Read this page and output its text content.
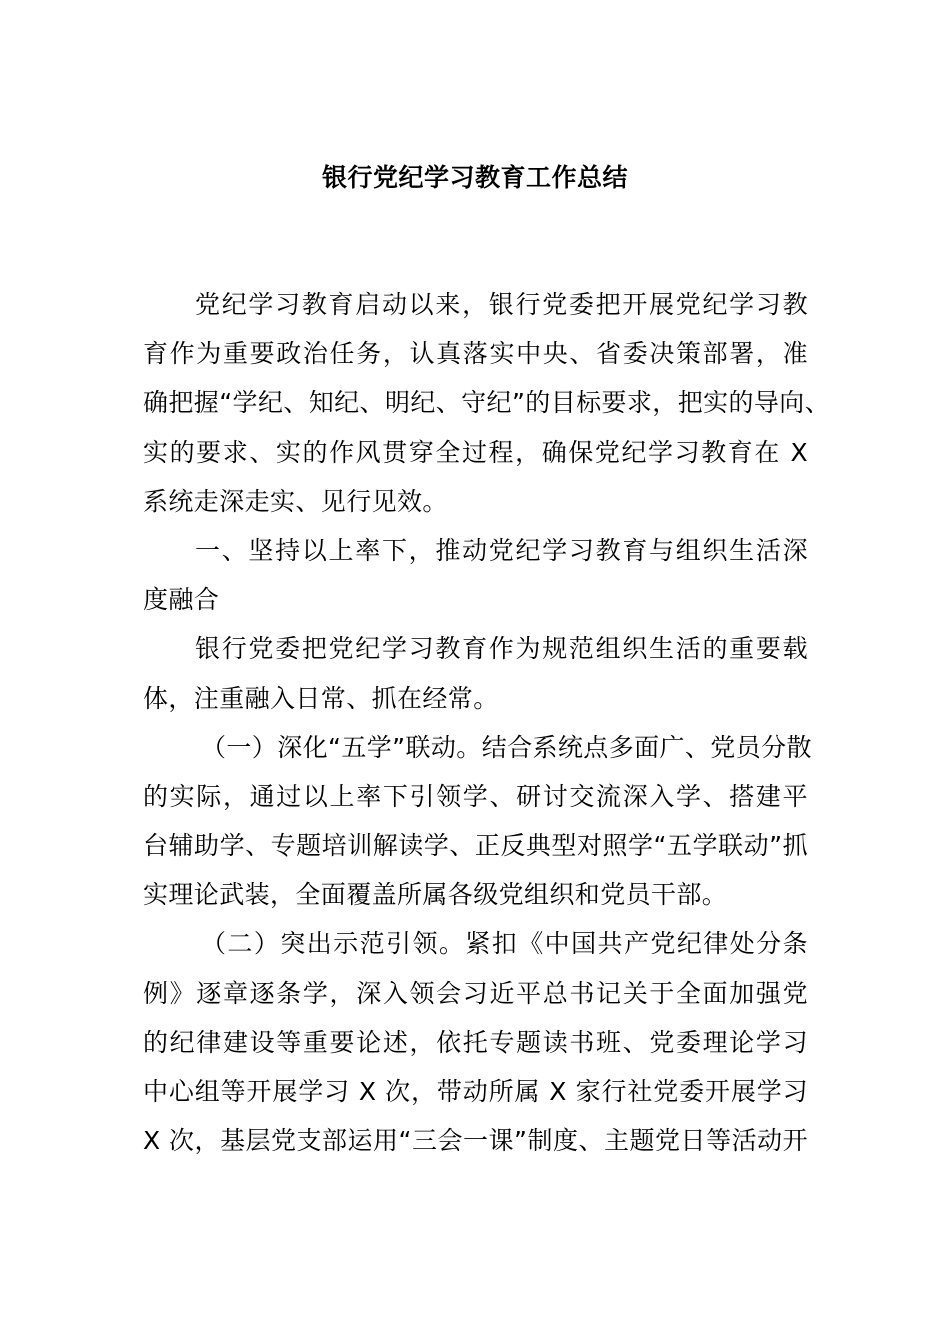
银行党纪学习教育工作总结
党纪学习教育启动以来，银行党委把开展党纪学习教
育作为重要政治任务，认真落实中央、省委决策部署，准
确把握“学纪、知纪、明纪、守纪”的目标要求，把实的导向、
实的要求、实的作风贯穿全过程，确保党纪学习教育在 X
系统走深走实、见行见效。
一、坚持以上率下，推动党纪学习教育与组织生活深
度融合
银行党委把党纪学习教育作为规范组织生活的重要载
体，注重融入日常、抓在经常。
（一）深化“五学”联动。结合系统点多面广、党员分散
的实际，通过以上率下引领学、研讨交流深入学、搭建平
台辅助学、专题培训解读学、正反典型对照学“五学联动”抓
实理论武装，全面覆盖所属各级党组织和党员干部。
（二）突出示范引领。紧扣《中国共产党纪律处分条
例》逐章逐条学，深入领会习近平总书记关于全面加强党
的纪律建设等重要论述，依托专题读书班、党委理论学习
中心组等开展学习 X 次，带动所属 X 家行社党委开展学习
X 次，基层党支部运用“三会一课”制度、主题党日等活动开
